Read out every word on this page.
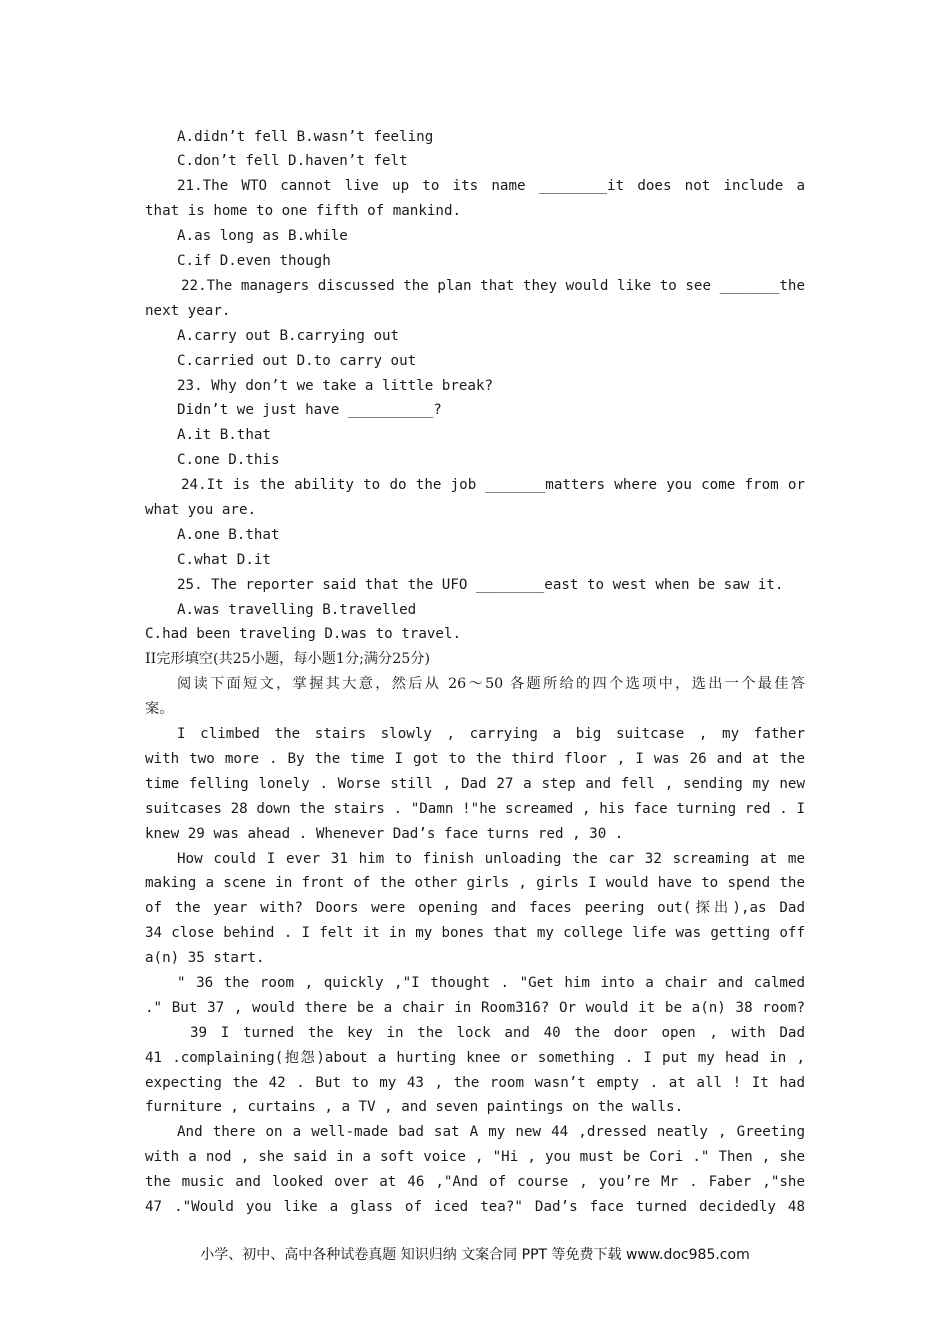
A.didn’t fell B.wasn’t feeling
C.don’t fell D.haven’t felt
21.The WTO cannot live up to its name ________it does not include a
that is home to one fifth of mankind.
A.as long as B.while
C.if D.even though
22.The managers discussed the plan that they would like to see _______the
next year.
A.carry out B.carrying out
C.carried out D.to carry out
23. Why don’t we take a little break?
Didn’t we just have __________?
A.it B.that
C.one D.this
24.It is the ability to do the job _______matters where you come from or
what you are.
A.one B.that
C.what D.it
25. The reporter said that the UFO ________east to west when be saw it.
A.was travelling B.travelled
C.had been traveling D.was to travel.
II完形填空(共25小题，每小题1分;满分25分)
阅读下面短文，掌握其大意，然后从 26～50 各题所给的四个选项中，选出一个最佳答
案。
I climbed the stairs slowly , carrying a big suitcase , my father
with two more . By the time I got to the third floor , I was 26 and at the
time felling lonely . Worse still , Dad 27 a step and fell , sending my new
suitcases 28 down the stairs . "Damn !"he screamed , his face turning red . I
knew 29 was ahead . Whenever Dad’s face turns red , 30 .
How could I ever 31 him to finish unloading the car 32 screaming at me
making a scene in front of the other girls , girls I would have to spend the
of the year with? Doors were opening and faces peering out(探出),as Dad
34 close behind . I felt it in my bones that my college life was getting off
a(n) 35 start.
" 36 the room , quickly ,"I thought . "Get him into a chair and calmed
." But 37 , would there be a chair in Room316? Or would it be a(n) 38 room?
39 I turned the key in the lock and 40 the door open , with Dad
41 .complaining(抱怨)about a hurting knee or something . I put my head in ,
expecting the 42 . But to my 43 , the room wasn’t empty . at all ! It had
furniture , curtains , a TV , and seven paintings on the walls.
And there on a well-made bad sat A my new 44 ,dressed neatly , Greeting
with a nod , she said in a soft voice , "Hi , you must be Cori ." Then , she
the music and looked over at 46 ,"And of course , you’re Mr . Faber ,"she
47 ."Would you like a glass of iced tea?" Dad’s face turned decidedly 48
小学、初中、高中各种试卷真题 知识归纳 文案合同 PPT 等免费下载 www.doc985.com
